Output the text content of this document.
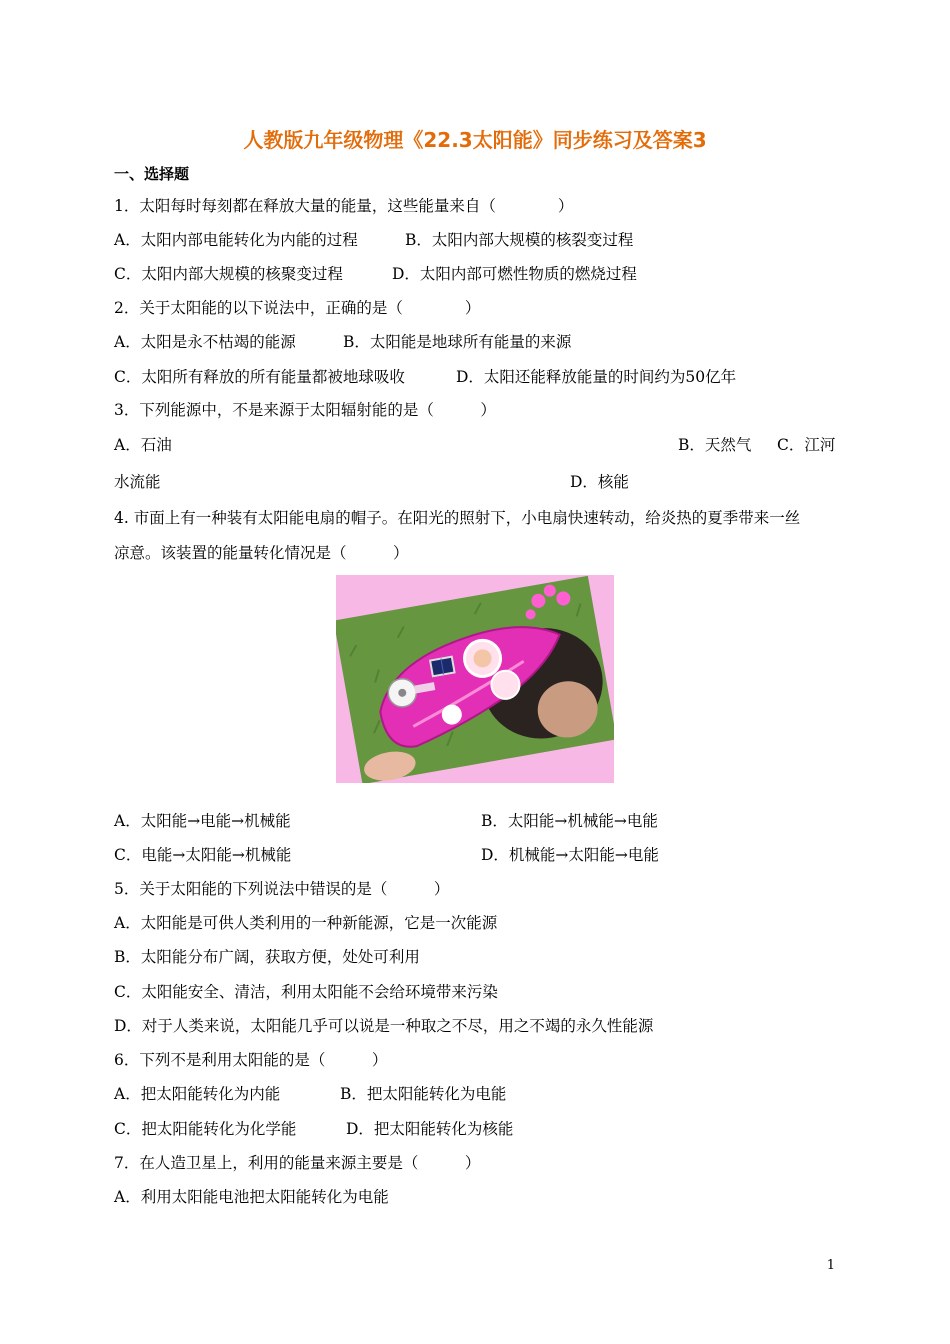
人教版九年级物理《22.3太阳能》同步练习及答案3
一、选择题
1．太阳每时每刻都在释放大量的能量，这些能量来自（　　　　）
A．太阳内部电能转化为内能的过程	B．太阳内部大规模的核裂变过程
C．太阳内部大规模的核聚变过程	D．太阳内部可燃性物质的燃烧过程
2．关于太阳能的以下说法中，正确的是（　　　　）
A．太阳是永不枯竭的能源	B．太阳能是地球所有能量的来源
C．太阳所有释放的所有能量都被地球吸收	D．太阳还能释放能量的时间约为50亿年
3．下列能源中，不是来源于太阳辐射能的是（　　　）
A．石油	B．天然气 C．江河
水流能	D．核能
4. 市面上有一种装有太阳能电扇的帽子。在阳光的照射下，小电扇快速转动，给炎热的夏季带来一丝
凉意。该装置的能量转化情况是（　　　）
A．太阳能→电能→机械能	B．太阳能→机械能→电能
C．电能→太阳能→机械能	D．机械能→太阳能→电能
5．关于太阳能的下列说法中错误的是（　　　）
A．太阳能是可供人类利用的一种新能源，它是一次能源
B．太阳能分布广阔，获取方便，处处可利用
C．太阳能安全、清洁，利用太阳能不会给环境带来污染
D．对于人类来说，太阳能几乎可以说是一种取之不尽，用之不竭的永久性能源
6．下列不是利用太阳能的是（　　　）
A．把太阳能转化为内能	B．把太阳能转化为电能
C．把太阳能转化为化学能	D．把太阳能转化为核能
7．在人造卫星上，利用的能量来源主要是（　　　）
A．利用太阳能电池把太阳能转化为电能
1
